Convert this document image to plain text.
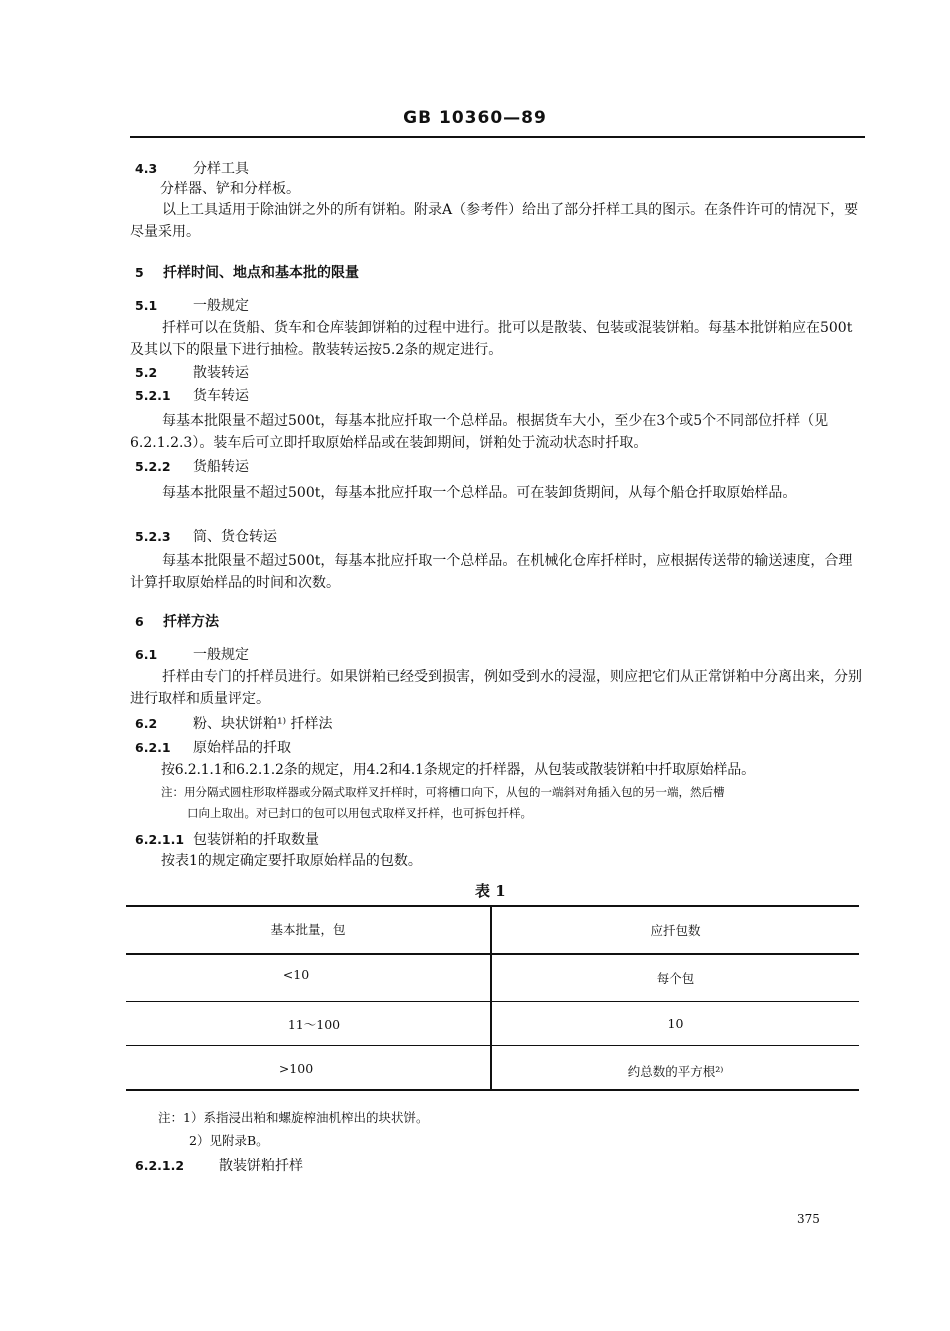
GB 10360—89
4.3	分样工具
分样器、铲和分样板。
以上工具适用于除油饼之外的所有饼粕。附录A（参考件）给出了部分扦样工具的图示。在条件许可的情况下，要尽量采用。
5 扦样时间、地点和基本批的限量
5.1	一般规定
扦样可以在货船、货车和仓库装卸饼粕的过程中进行。批可以是散装、包装或混装饼粕。每基本批饼粕应在500t及其以下的限量下进行抽检。散装转运按5.2条的规定进行。
5.2	散装转运
5.2.1 货车转运
每基本批限量不超过500t，每基本批应扦取一个总样品。根据货车大小，至少在3个或5个不同部位扦样（见6.2.1.2.3）。装车后可立即扦取原始样品或在装卸期间，饼粕处于流动状态时扦取。
5.2.2 货船转运
每基本批限量不超过500t，每基本批应扦取一个总样品。可在装卸货期间，从每个船仓扦取原始样品。
5.2.3 筒、货仓转运
每基本批限量不超过500t，每基本批应扦取一个总样品。在机械化仓库扦样时，应根据传送带的输送速度，合理计算扦取原始样品的时间和次数。
6 扦样方法
6.1	一般规定
扦样由专门的扦样员进行。如果饼粕已经受到损害，例如受到水的浸湿，则应把它们从正常饼粕中分离出来，分别进行取样和质量评定。
6.2	粉、块状饼粕¹⁾ 扦样法
6.2.1 原始样品的扦取
按6.2.1.1和6.2.1.2条的规定，用4.2和4.1条规定的扦样器，从包装或散装饼粕中扦取原始样品。
注：用分隔式圆柱形取样器或分隔式取样叉扦样时，可将槽口向下，从包的一端斜对角插入包的另一端，然后槽
口向上取出。对已封口的包可以用包式取样叉扦样，也可拆包扦样。
6.2.1.1 包装饼粕的扦取数量
按表1的规定确定要扦取原始样品的包数。
表 1
基本批量，包	应扦包数
<10	每个包
11～100	10
>100	约总数的平方根²⁾
注：1）系指浸出粕和螺旋榨油机榨出的块状饼。
2）见附录B。
6.2.1.2 散装饼粕扦样
375
